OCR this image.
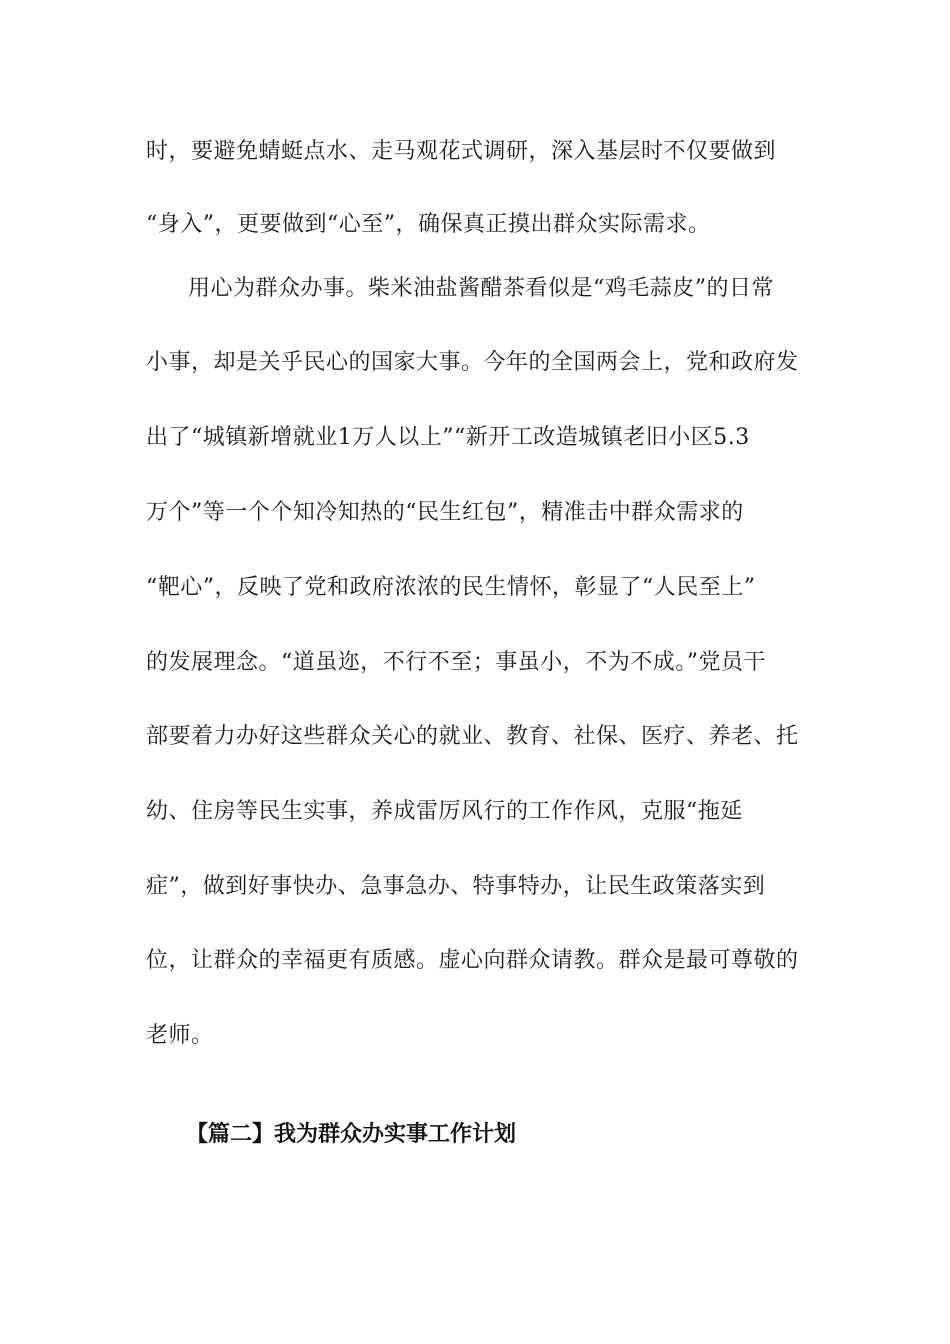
时，要避免蜻蜓点水、走马观花式调研，深入基层时不仅要做到

“身入”，更要做到“心至”，确保真正摸出群众实际需求。

用心为群众办事。柴米油盐酱醋茶看似是“鸡毛蒜皮”的日常

小事，却是关乎民心的国家大事。今年的全国两会上，党和政府发

出了“城镇新增就业1万人以上”“新开工改造城镇老旧小区5.3

万个”等一个个知冷知热的“民生红包”，精准击中群众需求的

“靶心”，反映了党和政府浓浓的民生情怀，彰显了“人民至上”

的发展理念。“道虽迩，不行不至；事虽小，不为不成。”党员干

部要着力办好这些群众关心的就业、教育、社保、医疗、养老、托

幼、住房等民生实事，养成雷厉风行的工作作风，克服“拖延

症”，做到好事快办、急事急办、特事特办，让民生政策落实到

位，让群众的幸福更有质感。虚心向群众请教。群众是最可尊敬的

老师。

【篇二】我为群众办实事工作计划
